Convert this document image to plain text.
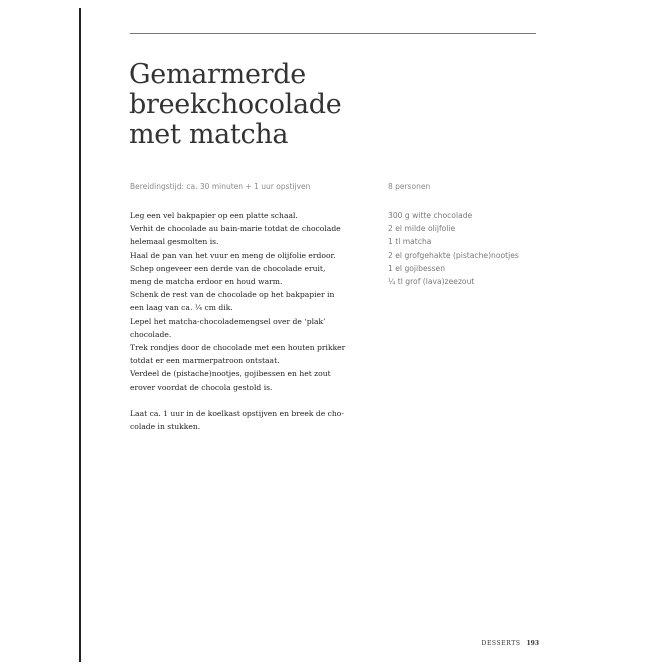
Gemarmerde
breekchocolade
met matcha
Bereidingstijd: ca. 30 minuten + 1 uur opstijven	8 personen
Leg een vel bakpapier op een platte schaal.
Verhit de chocolade au bain-marie totdat de chocolade
helemaal gesmolten is.
Haal de pan van het vuur en meng de olijfolie erdoor.
Schep ongeveer een derde van de chocolade eruit,
meng de matcha erdoor en houd warm.
Schenk de rest van de chocolade op het bakpapier in
een laag van ca. ¼ cm dik.
Lepel het matcha-chocolademengsel over de ‘plak’
chocolade.
Trek rondjes door de chocolade met een houten prikker
totdat er een marmerpatroon ontstaat.
Verdeel de (pistache)nootjes, gojibessen en het zout
erover voordat de chocola gestold is.
Laat ca. 1 uur in de koelkast opstijven en breek de cho-
colade in stukken.
300 g witte chocolade
2 el milde olijfolie
1 tl matcha
2 el grofgehakte (pistache)nootjes
1 el gojibessen
¼ tl grof (lava)zeezout
DESSERTS 193
